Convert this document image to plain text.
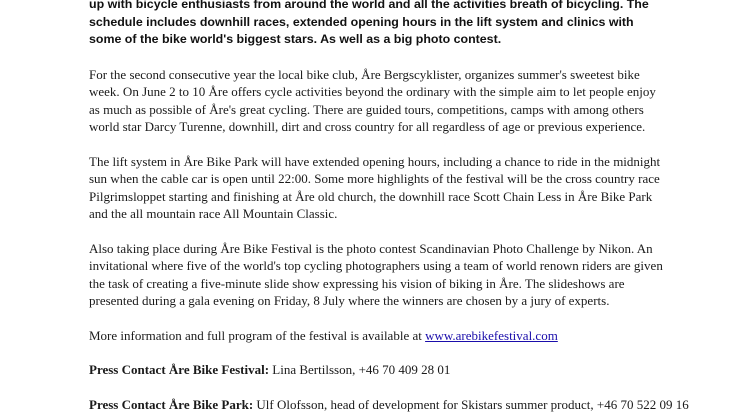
up with bicycle enthusiasts from around the world and all the activities breath of bicycling. The schedule includes downhill races, extended opening hours in the lift system and clinics with some of the bike world's biggest stars. As well as a big photo contest.

For the second consecutive year the local bike club, Åre Bergscyklister, organizes summer's sweetest bike week. On June 2 to 10 Åre offers cycle activities beyond the ordinary with the simple aim to let people enjoy as much as possible of Åre's great cycling. There are guided tours, competitions, camps with among others world star Darcy Turenne, downhill, dirt and cross country for all regardless of age or previous experience.

The lift system in Åre Bike Park will have extended opening hours, including a chance to ride in the midnight sun when the cable car is open until 22:00. Some more highlights of the festival will be the cross country race Pilgrimsloppet starting and finishing at Åre old church, the downhill race Scott Chain Less in Åre Bike Park and the all mountain race All Mountain Classic.

Also taking place during Åre Bike Festival is the photo contest Scandinavian Photo Challenge by Nikon. An invitational where five of the world's top cycling photographers using a team of world renown riders are given the task of creating a five-minute slide show expressing his vision of biking in Åre. The slideshows are presented during a gala evening on Friday, 8 July where the winners are chosen by a jury of experts.

More information and full program of the festival is available at www.arebikefestival.com

Press Contact Åre Bike Festival: Lina Bertilsson, +46 70 409 28 01

Press Contact Åre Bike Park: Ulf Olofsson, head of development for Skistars summer product, +46 70 522 09 16
